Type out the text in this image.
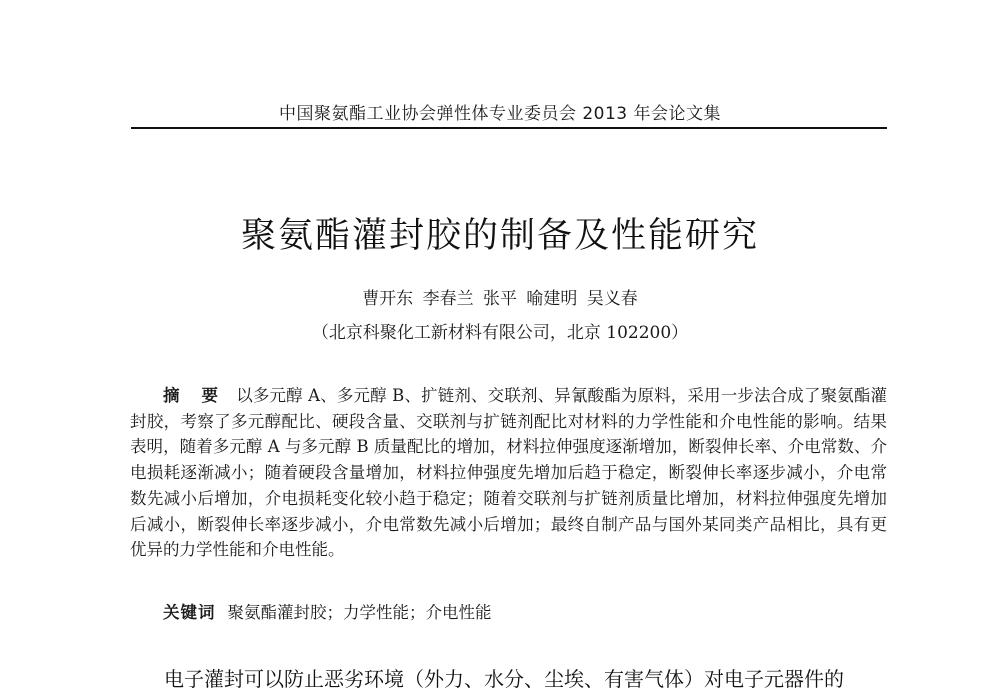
中国聚氨酯工业协会弹性体专业委员会 2013 年会论文集
聚氨酯灌封胶的制备及性能研究
曹开东 李春兰 张平 喻建明 吴义春
（北京科聚化工新材料有限公司，北京 102200）
摘 要 以多元醇 A、多元醇 B、扩链剂、交联剂、异氰酸酯为原料，采用一步法合成了聚氨酯灌封胶，考察了多元醇配比、硬段含量、交联剂与扩链剂配比对材料的力学性能和介电性能的影响。结果表明，随着多元醇 A 与多元醇 B 质量配比的增加，材料拉伸强度逐渐增加，断裂伸长率、介电常数、介电损耗逐渐减小；随着硬段含量增加，材料拉伸强度先增加后趋于稳定，断裂伸长率逐步减小，介电常数先减小后增加，介电损耗变化较小趋于稳定；随着交联剂与扩链剂质量比增加，材料拉伸强度先增加后减小，断裂伸长率逐步减小，介电常数先减小后增加；最终自制产品与国外某同类产品相比，具有更优异的力学性能和介电性能。
关键词 聚氨酯灌封胶；力学性能；介电性能
电子灌封可以防止恶劣环境（外力、水分、尘埃、有害气体）对电子元器件的
